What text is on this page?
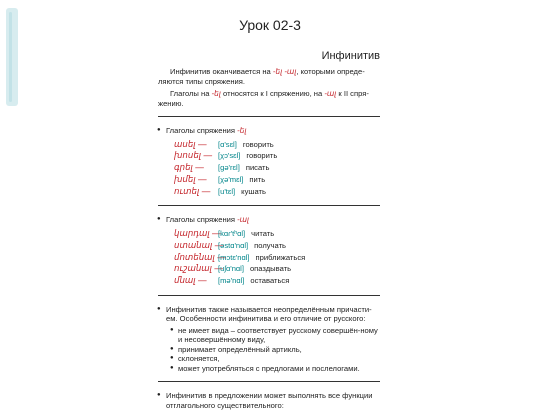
Урок 02-3
Инфинитив

Инфинитив оканчивается на -ել -ալ, которыми опреде-ляются типы спряжения.

Глаголы на -ել относятся к I спряжению, на -ալ к II спря-жению.

● Глаголы спряжения -ել
ասել — [ɑ'sɛl] говорить
խոսել — [χɔ'sɛl] говорить
գրել — [gə'rɛl] писать
խմել — [χə'mɛl] пить
ուտել — [u'tɛl] кушать
● Глаголы спряжения -ալ
կարդալ —[kɑɾ'tʰɑl] читать
ստանալ —[əstɑ'nɑl] получать
մոտենալ —[mɔtɛ'nɑl] приближаться
ուշանալ —[uʃɑ'nɑl] опаздывать
մնալ — [mə'nɑl] оставаться
● Инфинитив также называется неопределённым причасти-ем. Особенности инфинитива и его отличие от русского:
● не имеет вида – соответствует русскому совершён-ному и несовершённому виду,
● принимает определённый артикль,
● склоняется,
● может употребляться с предлогами и послелогами.
● Инфинитив в предложении может выполнять все функции отглагольного существительного:
